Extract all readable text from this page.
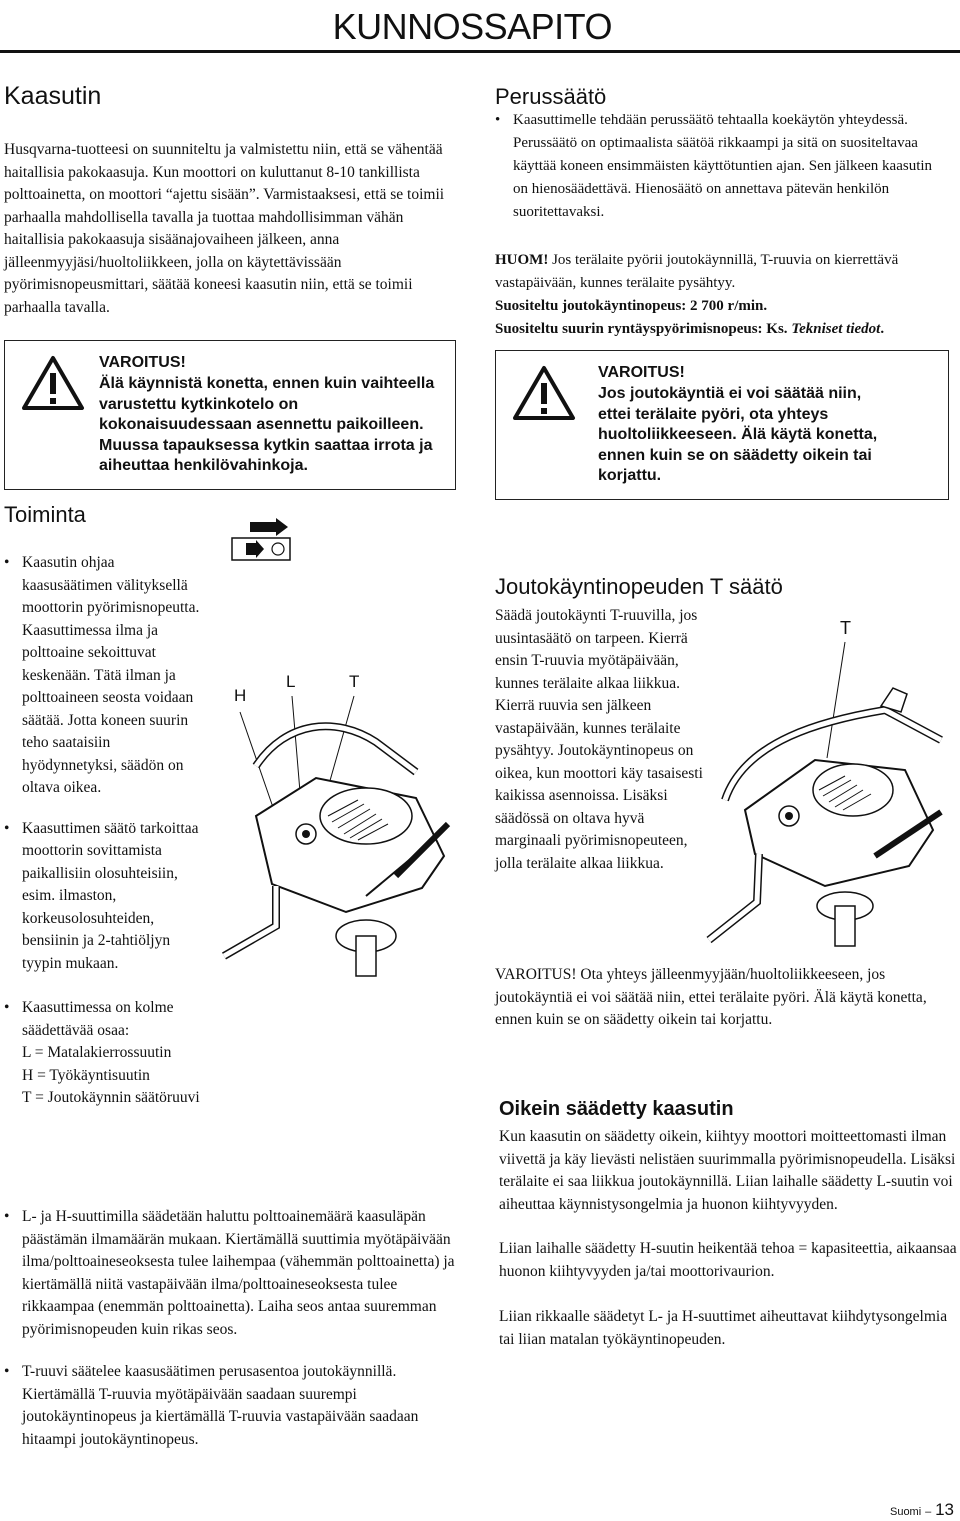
KUNNOSSAPITO
Kaasutin

Husqvarna-tuotteesi on suunniteltu ja valmistettu niin, että se vähentää haitallisia pakokaasuja. Kun moottori on kuluttanut 8-10 tankillista polttoainetta, on moottori “ajettu sisään”. Varmistaaksesi, että se toimii parhaalla mahdollisella tavalla ja tuottaa mahdollisimman vähän haitallisia pakokaasuja sisäänajovaiheen jälkeen, anna jälleenmyyjäsi/huoltoliikkeen, jolla on käytettävissään pyörimisnopeusmittari, säätää koneesi kaasutin niin, että se toimii parhaalla tavalla.

VAROITUS!
Älä käynnistä konetta, ennen kuin vaihteella varustettu kytkinkotelo on kokonaisuudessaan asennettu paikoilleen. Muussa tapauksessa kytkin saattaa irrota ja aiheuttaa henkilövahinkoja.
Toiminta
• Kaasutin ohjaa kaasusäätimen välityksellä moottorin pyörimisnopeutta. Kaasuttimessa ilma ja polttoaine sekoittuvat keskenään. Tätä ilman ja polttoaineen seosta voidaan säätää. Jotta koneen suurin teho saataisiin hyödynnetyksi, säädön on oltava oikea.
• Kaasuttimen säätö tarkoittaa moottorin sovittamista paikallisiin olosuhteisiin, esim. ilmaston, korkeusolosuhteiden, bensiinin ja 2-tahtiöljyn tyypin mukaan.
• Kaasuttimessa on kolme säädettävää osaa:
L = Matalakierrossuutin
H = Työkäyntisuutin
T = Joutokäynnin säätöruuvi
• L- ja H-suuttimilla säädetään haluttu polttoainemäärä kaasuläpän päästämän ilmamäärän mukaan. Kiertämällä suuttimia myötäpäivään ilma/polttoaineseoksesta tulee laihempaa (vähemmän polttoainetta) ja kiertämällä niitä vastapäivään ilma/polttoaineseoksesta tulee rikkaampaa (enemmän polttoainetta). Laiha seos antaa suuremman pyörimisnopeuden kuin rikas seos.
• T-ruuvi säätelee kaasusäätimen perusasentoa joutokäynnillä. Kiertämällä T-ruuvia myötäpäivään saadaan suurempi joutokäyntinopeus ja kiertämällä T-ruuvia vastapäivään saadaan hitaampi joutokäyntinopeus.
H
L	T
Perussäätö
• Kaasuttimelle tehdään perussäätö tehtaalla koekäytön yhteydessä. Perussäätö on optimaalista säätöä rikkaampi ja sitä on suositeltavaa käyttää koneen ensimmäisten käyttötuntien ajan. Sen jälkeen kaasutin on hienosäädettävä. Hienosäätö on annettava pätevän henkilön suoritettavaksi.

HUOM! Jos terälaite pyörii joutokäynnillä, T-ruuvia on kierrettävä vastapäivään, kunnes terälaite pysähtyy.

Suositeltu joutokäyntinopeus: 2 700 r/min.

Suositeltu suurin ryntäyspyörimisnopeus: Ks. Tekniset tiedot.

VAROITUS!
Jos joutokäyntiä ei voi säätää niin, ettei terälaite pyöri, ota yhteys huoltoliikkeeseen. Älä käytä konetta, ennen kuin se on säädetty oikein tai korjattu.
Joutokäyntinopeuden T säätö

Säädä joutokäynti T-ruuvilla, jos uusintasäätö on tarpeen. Kierrä ensin T-ruuvia myötäpäivään, kunnes terälaite alkaa liikkua. Kierrä ruuvia sen jälkeen vastapäivään, kunnes terälaite pysähtyy. Joutokäyntinopeus on oikea, kun moottori käy tasaisesti kaikissa asennoissa. Lisäksi säädössä on oltava hyvä marginaali pyörimisnopeuteen, jolla terälaite alkaa liikkua.

T

VAROITUS! Ota yhteys jälleenmyyjään/huoltoliikkeeseen, jos joutokäyntiä ei voi säätää niin, ettei terälaite pyöri. Älä käytä konetta, ennen kuin se on säädetty oikein tai korjattu.

Oikein säädetty kaasutin

Kun kaasutin on säädetty oikein, kiihtyy moottori moitteettomasti ilman viivettä ja käy lievästi nelistäen suurimmalla pyörimisnopeudella. Lisäksi terälaite ei saa liikkua joutokäynnillä. Liian laihalle säädetty L-suutin voi aiheuttaa käynnistysongelmia ja huonon kiihtyvyyden.

Liian laihalle säädetty H-suutin heikentää tehoa = kapasiteettia, aikaansaa huonon kiihtyvyyden ja/tai moottorivaurion.

Liian rikkaalle säädetyt L- ja H-suuttimet aiheuttavat kiihdytysongelmia tai liian matalan työkäyntinopeuden.

Suomi – 13
